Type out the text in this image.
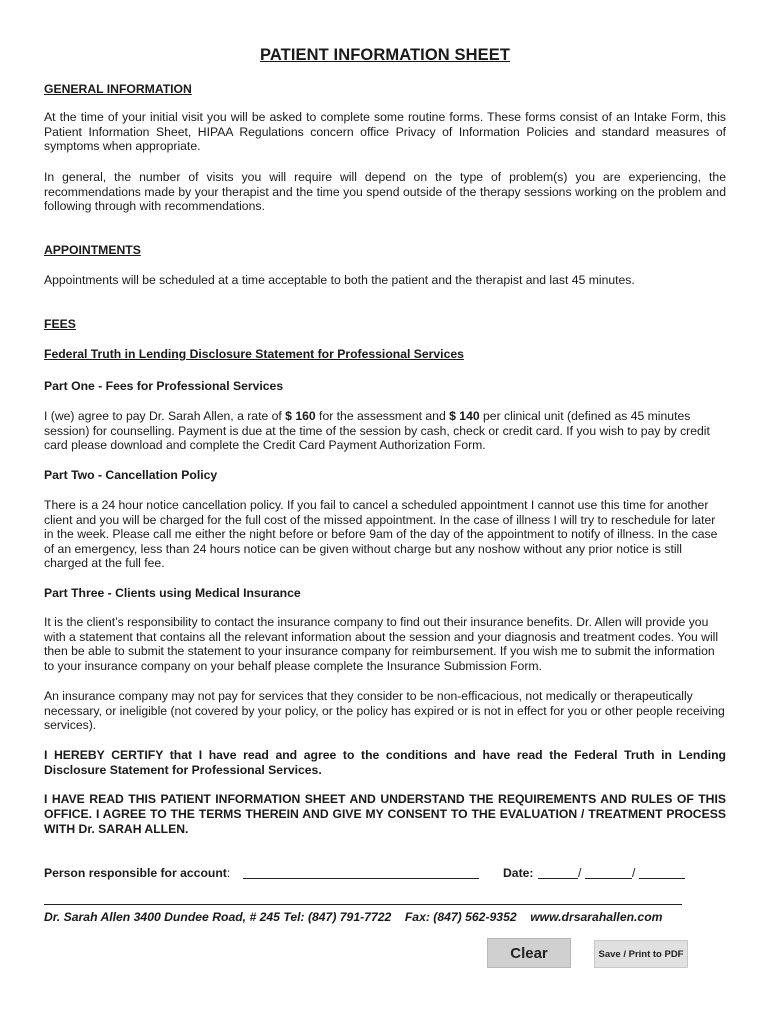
PATIENT INFORMATION SHEET
GENERAL INFORMATION
At the time of your initial visit you will be asked to complete some routine forms. These forms consist of an Intake Form, this Patient Information Sheet, HIPAA Regulations concern office Privacy of Information Policies and standard measures of symptoms when appropriate.
In general, the number of visits you will require will depend on the type of problem(s) you are experiencing, the recommendations made by your therapist and the time you spend outside of the therapy sessions working on the problem and following through with recommendations.
APPOINTMENTS
Appointments will be scheduled at a time acceptable to both the patient and the therapist and last 45 minutes.
FEES
Federal Truth in Lending Disclosure Statement for Professional Services
Part One - Fees for Professional Services
I (we) agree to pay Dr. Sarah Allen, a rate of $ 160 for the assessment and $ 140 per clinical unit (defined as 45 minutes session) for counselling. Payment is due at the time of the session by cash, check or credit card. If you wish to pay by credit card please download and complete the Credit Card Payment Authorization Form.
Part Two - Cancellation Policy
There is a 24 hour notice cancellation policy. If you fail to cancel a scheduled appointment I cannot use this time for another client and you will be charged for the full cost of the missed appointment. In the case of illness I will try to reschedule for later in the week. Please call me either the night before or before 9am of the day of the appointment to notify of illness. In the case of an emergency, less than 24 hours notice can be given without charge but any noshow without any prior notice is still charged at the full fee.
Part Three - Clients using Medical Insurance
It is the client’s responsibility to contact the insurance company to find out their insurance benefits. Dr. Allen will provide you with a statement that contains all the relevant information about the session and your diagnosis and treatment codes. You will then be able to submit the statement to your insurance company for reimbursement. If you wish me to submit the information to your insurance company on your behalf please complete the Insurance Submission Form.
An insurance company may not pay for services that they consider to be non-efficacious, not medically or therapeutically necessary, or ineligible (not covered by your policy, or the policy has expired or is not in effect for you or other people receiving services).
I HEREBY CERTIFY that I have read and agree to the conditions and have read the Federal Truth in Lending Disclosure Statement for Professional Services.
I HAVE READ THIS PATIENT INFORMATION SHEET AND UNDERSTAND THE REQUIREMENTS AND RULES OF THIS OFFICE. I AGREE TO THE TERMS THEREIN AND GIVE MY CONSENT TO THE EVALUATION / TREATMENT PROCESS WITH Dr. SARAH ALLEN.
Person responsible for account:	Date:	/	/
Dr. Sarah Allen 3400 Dundee Road, # 245 Tel: (847) 791-7722 Fax: (847) 562-9352 www.drsarahallen.com
Clear	Save / Print to PDF
